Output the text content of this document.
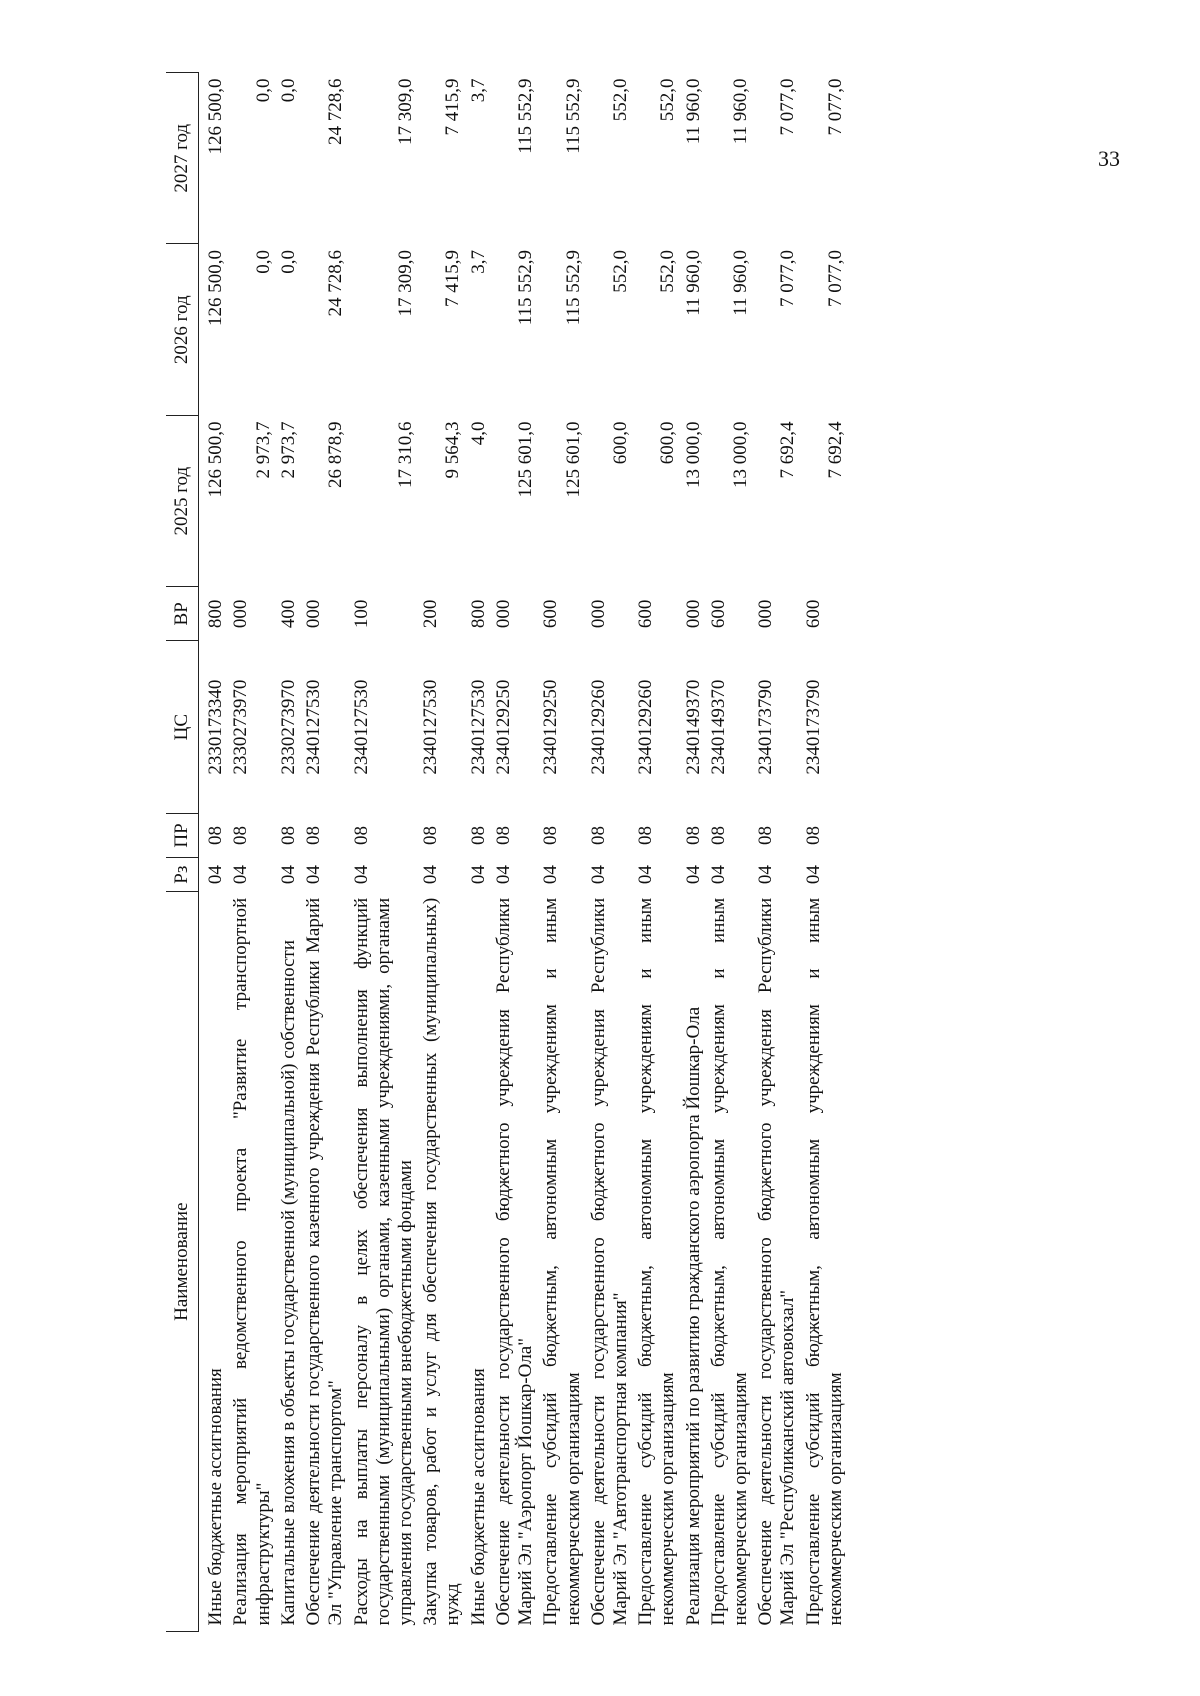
33
Наименование	Рз	ПР	ЦС	ВР	2025 год	2026 год	2027 год
Иные бюджетные ассигнования	04	08	2330173340	800	126 500,0	126 500,0	126 500,0
Реализация мероприятий ведомственного проекта "Развитие транспортной инфраструктуры"	04	08	2330273970	000	2 973,7	0,0	0,0
Капитальные вложения в объекты государственной (муниципальной) собственности	04	08	2330273970	400	2 973,7	0,0	0,0
Обеспечение деятельности государственного казенного учреждения Республики Марий Эл "Управление транспортом"	04	08	2340127530	000	26 878,9	24 728,6	24 728,6
Расходы на выплаты персоналу в целях обеспечения выполнения функций государственными (муниципальными) органами, казенными учреждениями, органами управления государственными внебюджетными фондами	04	08	2340127530	100	17 310,6	17 309,0	17 309,0
Закупка товаров, работ и услуг для обеспечения государственных (муниципальных) нужд	04	08	2340127530	200	9 564,3	7 415,9	7 415,9
Иные бюджетные ассигнования	04	08	2340127530	800	4,0	3,7	3,7
Обеспечение деятельности государственного бюджетного учреждения Республики Марий Эл "Аэропорт Йошкар-Ола"	04	08	2340129250	000	125 601,0	115 552,9	115 552,9
Предоставление субсидий бюджетным, автономным учреждениям и иным некоммерческим организациям	04	08	2340129250	600	125 601,0	115 552,9	115 552,9
Обеспечение деятельности государственного бюджетного учреждения Республики Марий Эл "Автотранспортная компания"	04	08	2340129260	000	600,0	552,0	552,0
Предоставление субсидий бюджетным, автономным учреждениям и иным некоммерческим организациям	04	08	2340129260	600	600,0	552,0	552,0
Реализация мероприятий по развитию гражданского аэропорта Йошкар-Ола	04	08	2340149370	000	13 000,0	11 960,0	11 960,0
Предоставление субсидий бюджетным, автономным учреждениям и иным некоммерческим организациям	04	08	2340149370	600	13 000,0	11 960,0	11 960,0
Обеспечение деятельности государственного бюджетного учреждения Республики Марий Эл "Республиканский автовокзал"	04	08	2340173790	000	7 692,4	7 077,0	7 077,0
Предоставление субсидий бюджетным, автономным учреждениям и иным некоммерческим организациям	04	08	2340173790	600	7 692,4	7 077,0	7 077,0
